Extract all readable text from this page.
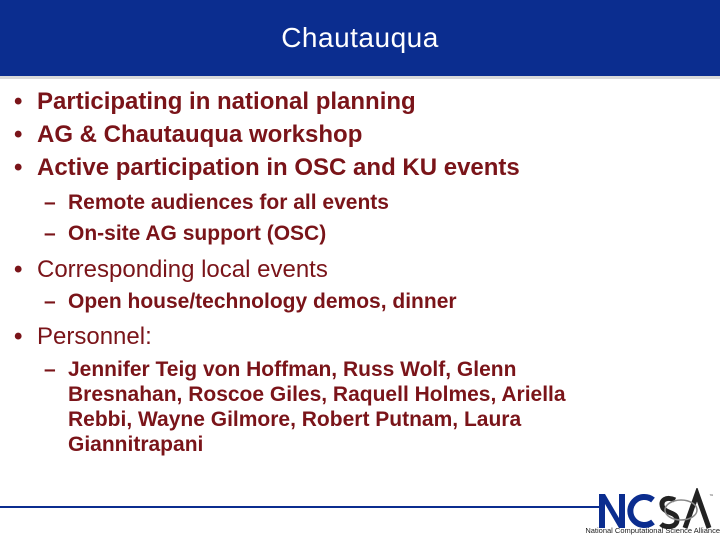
Chautauqua
• Participating in national planning
• AG & Chautauqua workshop
• Active participation in OSC and KU events
– Remote audiences for all events
– On-site AG support (OSC)
• Corresponding local events
– Open house/technology demos, dinner
• Personnel:
– Jennifer Teig von Hoffman, Russ Wolf, Glenn
Bresnahan, Roscoe Giles, Raquell Holmes, Ariella
Rebbi, Wayne Gilmore, Robert Putnam, Laura
Giannitrapani
™
National Computational Science Alliance
